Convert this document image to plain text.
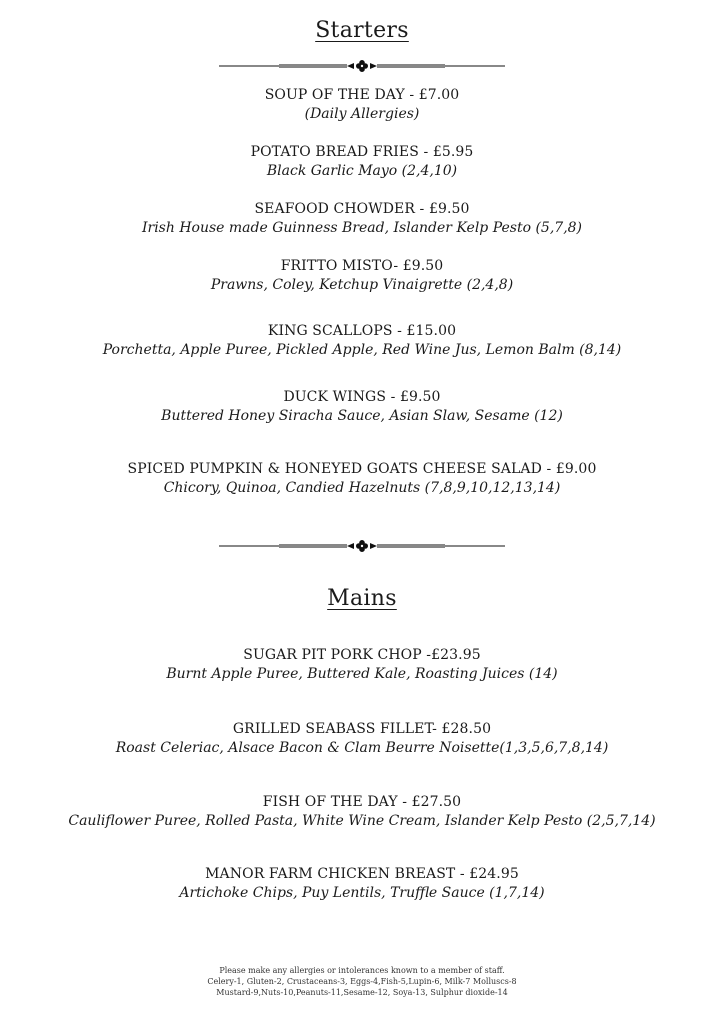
Starters
SOUP OF THE DAY - £7.00
(Daily Allergies)
POTATO BREAD FRIES - £5.95
Black Garlic Mayo (2,4,10)
SEAFOOD CHOWDER - £9.50
Irish House made Guinness Bread, Islander Kelp Pesto (5,7,8)
FRITTO MISTO- £9.50
Prawns, Coley, Ketchup Vinaigrette (2,4,8)
KING SCALLOPS - £15.00
Porchetta, Apple Puree, Pickled Apple, Red Wine Jus, Lemon Balm (8,14)
DUCK WINGS - £9.50
Buttered Honey Siracha Sauce, Asian Slaw, Sesame (12)
SPICED PUMPKIN & HONEYED GOATS CHEESE SALAD - £9.00
Chicory, Quinoa, Candied Hazelnuts (7,8,9,10,12,13,14)
Mains
SUGAR PIT PORK CHOP -£23.95
Burnt Apple Puree, Buttered Kale, Roasting Juices (14)
GRILLED SEABASS FILLET- £28.50
Roast Celeriac, Alsace Bacon & Clam Beurre Noisette(1,3,5,6,7,8,14)
FISH OF THE DAY - £27.50
Cauliflower Puree, Rolled Pasta, White Wine Cream, Islander Kelp Pesto (2,5,7,14)
MANOR FARM CHICKEN BREAST - £24.95
Artichoke Chips, Puy Lentils, Truffle Sauce (1,7,14)
Please make any allergies or intolerances known to a member of staff.
Celery-1, Gluten-2, Crustaceans-3, Eggs-4,Fish-5,Lupin-6, Milk-7 Molluscs-8
Mustard-9,Nuts-10,Peanuts-11,Sesame-12, Soya-13, Sulphur dioxide-14
